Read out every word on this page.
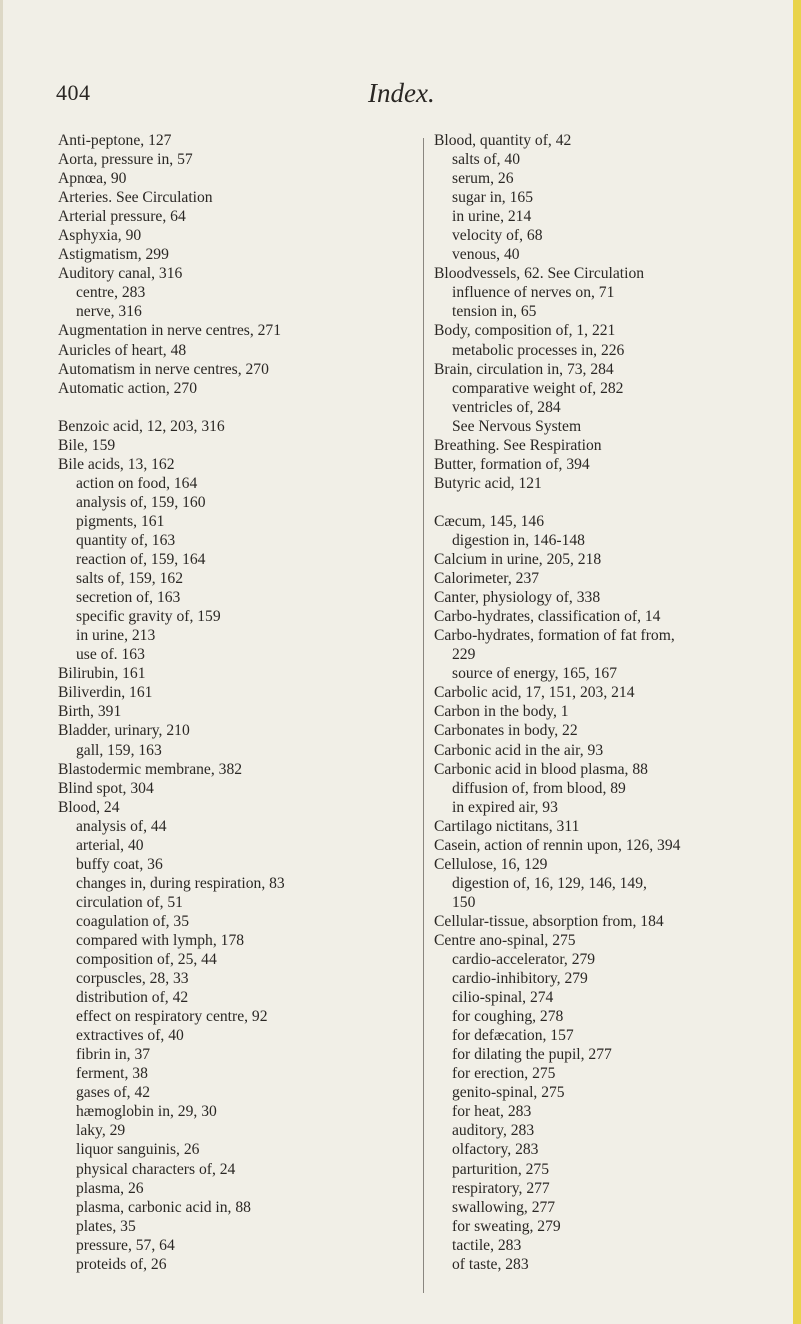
404	Index.
Anti-peptone, 127
Aorta, pressure in, 57
Apnœa, 90
Arteries. See Circulation
Arterial pressure, 64
Asphyxia, 90
Astigmatism, 299
Auditory canal, 316
centre, 283
nerve, 316
Augmentation in nerve centres, 271
Auricles of heart, 48
Automatism in nerve centres, 270
Automatic action, 270
Benzoic acid, 12, 203, 316
Bile, 159
Bile acids, 13, 162
action on food, 164
analysis of, 159, 160
pigments, 161
quantity of, 163
reaction of, 159, 164
salts of, 159, 162
secretion of, 163
specific gravity of, 159
in urine, 213
use of. 163
Bilirubin, 161
Biliverdin, 161
Birth, 391
Bladder, urinary, 210
gall, 159, 163
Blastodermic membrane, 382
Blind spot, 304
Blood, 24
analysis of, 44
arterial, 40
buffy coat, 36
changes in, during respiration, 83
circulation of, 51
coagulation of, 35
compared with lymph, 178
composition of, 25, 44
corpuscles, 28, 33
distribution of, 42
effect on respiratory centre, 92
extractives of, 40
fibrin in, 37
ferment, 38
gases of, 42
hæmoglobin in, 29, 30
laky, 29
liquor sanguinis, 26
physical characters of, 24
plasma, 26
plasma, carbonic acid in, 88
plates, 35
pressure, 57, 64
proteids of, 26
Blood, quantity of, 42
salts of, 40
serum, 26
sugar in, 165
in urine, 214
velocity of, 68
venous, 40
Bloodvessels, 62. See Circulation
influence of nerves on, 71
tension in, 65
Body, composition of, 1, 221
metabolic processes in, 226
Brain, circulation in, 73, 284
comparative weight of, 282
ventricles of, 284
See Nervous System
Breathing. See Respiration
Butter, formation of, 394
Butyric acid, 121
Cæcum, 145, 146
digestion in, 146-148
Calcium in urine, 205, 218
Calorimeter, 237
Canter, physiology of, 338
Carbo-hydrates, classification of, 14
Carbo-hydrates, formation of fat from,
229
source of energy, 165, 167
Carbolic acid, 17, 151, 203, 214
Carbon in the body, 1
Carbonates in body, 22
Carbonic acid in the air, 93
Carbonic acid in blood plasma, 88
diffusion of, from blood, 89
in expired air, 93
Cartilago nictitans, 311
Casein, action of rennin upon, 126, 394
Cellulose, 16, 129
digestion of, 16, 129, 146, 149,
150
Cellular-tissue, absorption from, 184
Centre ano-spinal, 275
cardio-accelerator, 279
cardio-inhibitory, 279
cilio-spinal, 274
for coughing, 278
for defæcation, 157
for dilating the pupil, 277
for erection, 275
genito-spinal, 275
for heat, 283
auditory, 283
olfactory, 283
parturition, 275
respiratory, 277
swallowing, 277
for sweating, 279
tactile, 283
of taste, 283
